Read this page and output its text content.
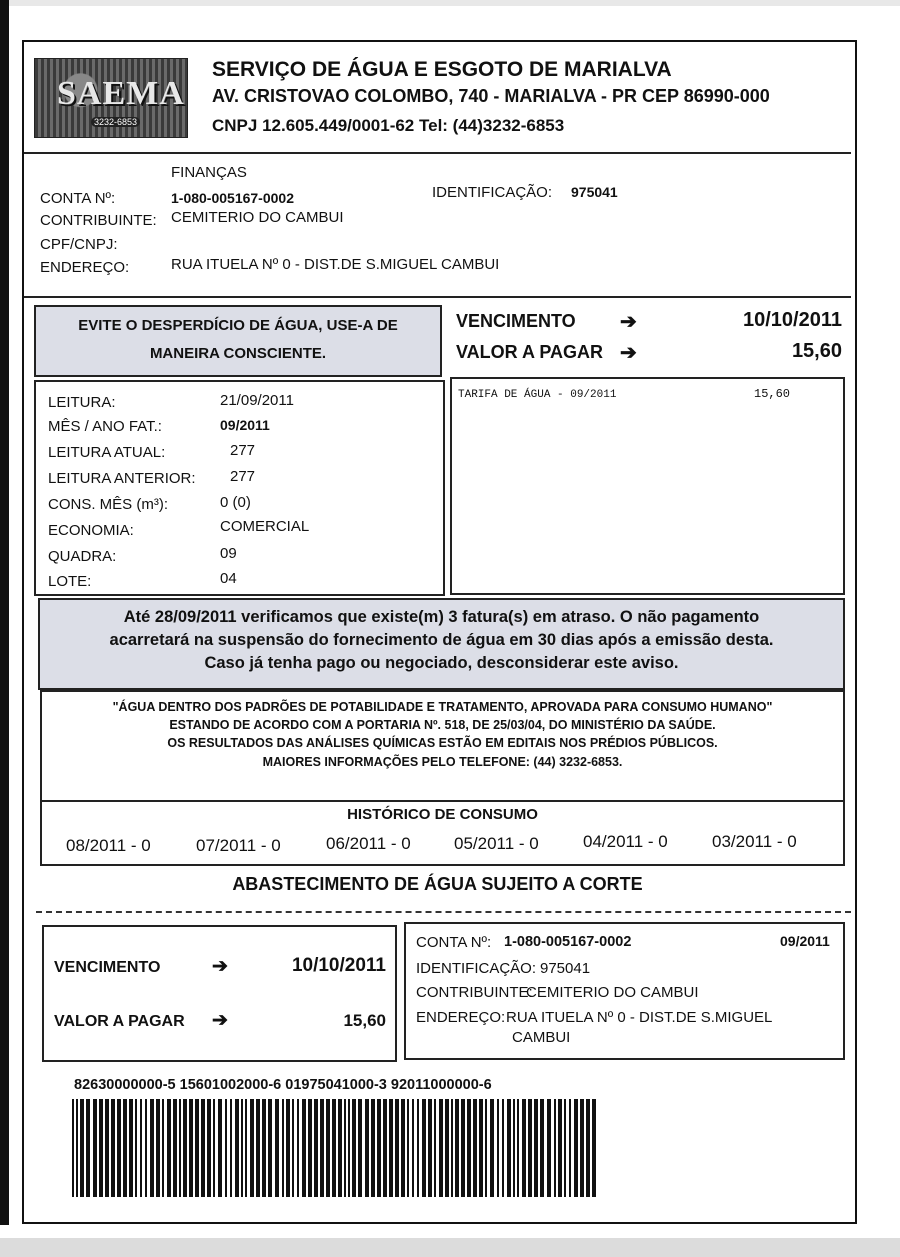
SAEMA
3232-6853
SERVIÇO DE ÁGUA E ESGOTO DE MARIALVA
AV. CRISTOVAO COLOMBO, 740 - MARIALVA - PR CEP 86990-000
CNPJ 12.605.449/0001-62 Tel: (44)3232-6853
FINANÇAS
CONTA Nº:	1-080-005167-0002	IDENTIFICAÇÃO: 975041
CONTRIBUINTE: CEMITERIO DO CAMBUI
CPF/CNPJ:
ENDEREÇO:	RUA ITUELA Nº 0 - DIST.DE S.MIGUEL CAMBUI
EVITE O DESPERDÍCIO DE ÁGUA, USE-A DE
MANEIRA CONSCIENTE.
VENCIMENTO ➔	10/10/2011
VALOR A PAGAR ➔	15,60
LEITURA:	21/09/2011
MÊS / ANO FAT.:	09/2011
LEITURA ATUAL:	277
LEITURA ANTERIOR: 277
CONS. MÊS (m³):	0 (0)
ECONOMIA:	COMERCIAL
QUADRA:	09
LOTE:	04
TARIFA DE ÁGUA - 09/2011	15,60
Até 28/09/2011 verificamos que existe(m) 3 fatura(s) em atraso. O não pagamento
acarretará na suspensão do fornecimento de água em 30 dias após a emissão desta.
Caso já tenha pago ou negociado, desconsiderar este aviso.
"ÁGUA DENTRO DOS PADRÕES DE POTABILIDADE E TRATAMENTO, APROVADA PARA CONSUMO HUMANO"
ESTANDO DE ACORDO COM A PORTARIA Nº. 518, DE 25/03/04, DO MINISTÉRIO DA SAÚDE.
OS RESULTADOS DAS ANÁLISES QUÍMICAS ESTÃO EM EDITAIS NOS PRÉDIOS PÚBLICOS.
MAIORES INFORMAÇÕES PELO TELEFONE: (44) 3232-6853.
HISTÓRICO DE CONSUMO
08/2011 - 0	07/2011 - 0	06/2011 - 0	05/2011 - 0	04/2011 - 0	03/2011 - 0
ABASTECIMENTO DE ÁGUA SUJEITO A CORTE
VENCIMENTO	➔	10/10/2011
VALOR A PAGAR ➔	15,60
CONTA Nº: 1-080-005167-0002	09/2011
IDENTIFICAÇÃO: 975041
CONTRIBUINTE:
CEMITERIO DO CAMBUI
ENDEREÇO: RUA ITUELA Nº 0 - DIST.DE S.MIGUEL
CAMBUI
82630000000-5 15601002000-6 01975041000-3 92011000000-6
